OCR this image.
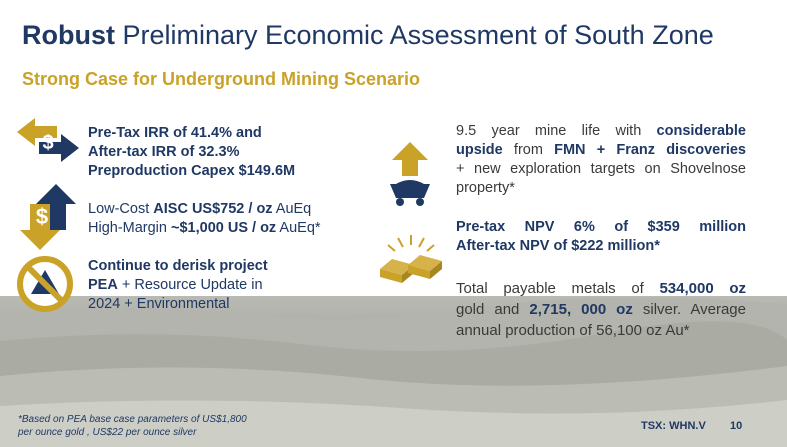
Robust Preliminary Economic Assessment of South Zone
Strong Case for Underground Mining Scenario
$
$
Pre-Tax IRR of 41.4% and
After-tax IRR of 32.3%
Preproduction Capex $149.6M
Low-Cost AISC US$752 / oz AuEq
High-Margin ~$1,000 US / oz AuEq*
Continue to derisk project
PEA + Resource Update in
2024 + Environmental
9.5 year mine life with considerable
upside from FMN + Franz discoveries
+ new exploration targets on Shovelnose
property*
Pre-tax NPV 6% of $359 million
After-tax NPV of $222 million*
Total payable metals of 534,000 oz
gold and 2,715, 000 oz silver. Average
annual production of 56,100 oz Au*
*Based on PEA base case parameters of US$1,800
per ounce gold , US$22 per ounce silver
TSX: WHN.V 10
